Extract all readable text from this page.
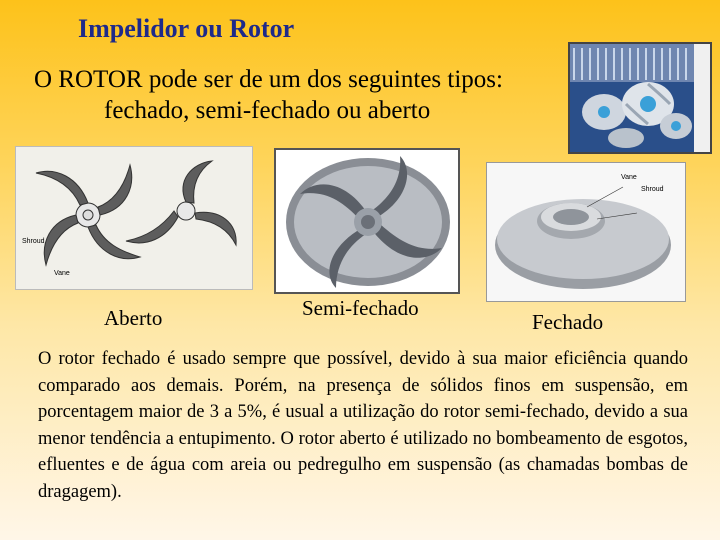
Impelidor ou Rotor
O ROTOR pode ser de um dos seguintes tipos:
fechado, semi-fechado ou aberto
Shroud
Vane
Vane
Shroud
Aberto	Semi-fechado
Fechado
O rotor fechado é usado sempre que possível, devido à sua maior eficiência quando comparado aos demais. Porém, na presença de sólidos finos em suspensão, em porcentagem maior de 3 a 5%, é usual a utilização do rotor semi-fechado, devido a sua menor tendência a entupimento. O rotor aberto é utilizado no bombeamento de esgotos, efluentes e de água com areia ou pedregulho em suspensão (as chamadas bombas de dragagem).
